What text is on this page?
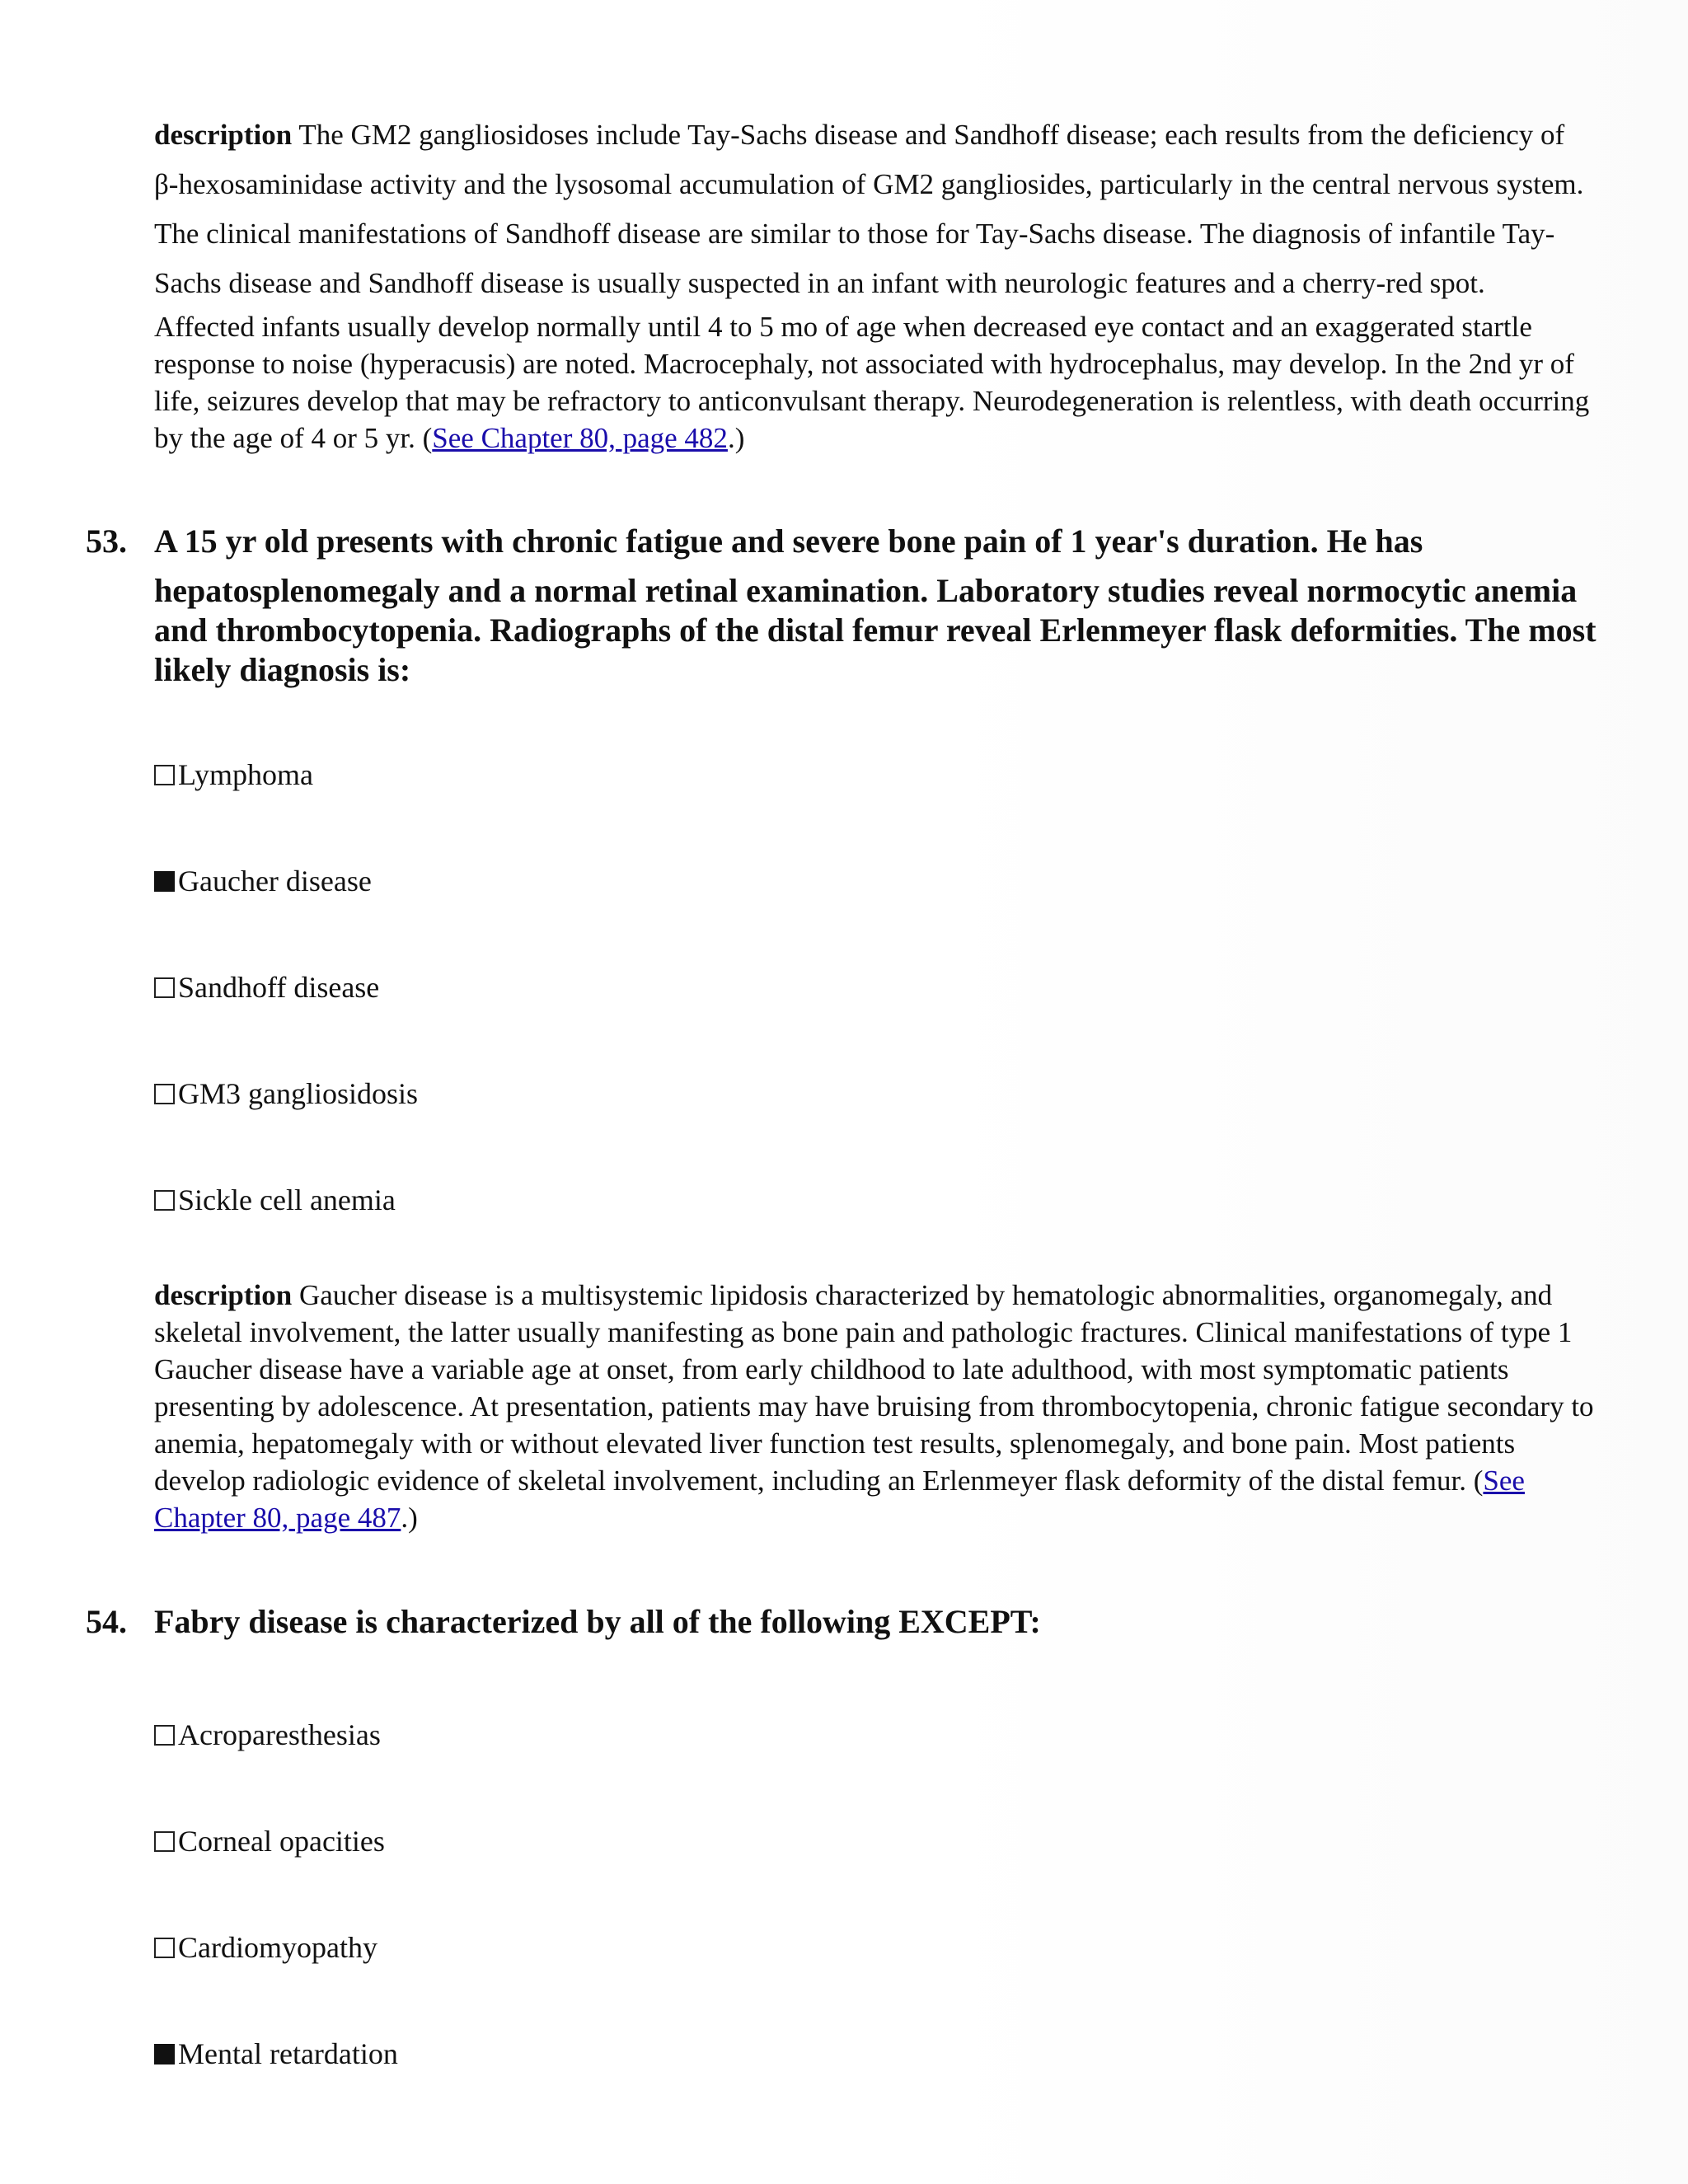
description The GM2 gangliosidoses include Tay-Sachs disease and Sandhoff disease; each results from the deficiency of
β-hexosaminidase activity and the lysosomal accumulation of GM2 gangliosides, particularly in the central nervous system.
The clinical manifestations of Sandhoff disease are similar to those for Tay-Sachs disease. The diagnosis of infantile Tay-
Sachs disease and Sandhoff disease is usually suspected in an infant with neurologic features and a cherry-red spot.
Affected infants usually develop normally until 4 to 5 mo of age when decreased eye contact and an exaggerated startle response to noise (hyperacusis) are noted. Macrocephaly, not associated with hydrocephalus, may develop. In the 2nd yr of life, seizures develop that may be refractory to anticonvulsant therapy. Neurodegeneration is relentless, with death occurring by the age of 4 or 5 yr. (See Chapter 80, page 482.)
53. A 15 yr old presents with chronic fatigue and severe bone pain of 1 year's duration. He has
hepatosplenomegaly and a normal retinal examination. Laboratory studies reveal normocytic anemia and thrombocytopenia. Radiographs of the distal femur reveal Erlenmeyer flask deformities. The most likely diagnosis is:
Lymphoma
Gaucher disease
Sandhoff disease
GM3 gangliosidosis
Sickle cell anemia
description Gaucher disease is a multisystemic lipidosis characterized by hematologic abnormalities, organomegaly, and skeletal involvement, the latter usually manifesting as bone pain and pathologic fractures. Clinical manifestations of type 1 Gaucher disease have a variable age at onset, from early childhood to late adulthood, with most symptomatic patients presenting by adolescence. At presentation, patients may have bruising from thrombocytopenia, chronic fatigue secondary to anemia, hepatomegaly with or without elevated liver function test results, splenomegaly, and bone pain. Most patients develop radiologic evidence of skeletal involvement, including an Erlenmeyer flask deformity of the distal femur. (See Chapter 80, page 487.)
54. Fabry disease is characterized by all of the following EXCEPT:
Acroparesthesias
Corneal opacities
Cardiomyopathy
Mental retardation
